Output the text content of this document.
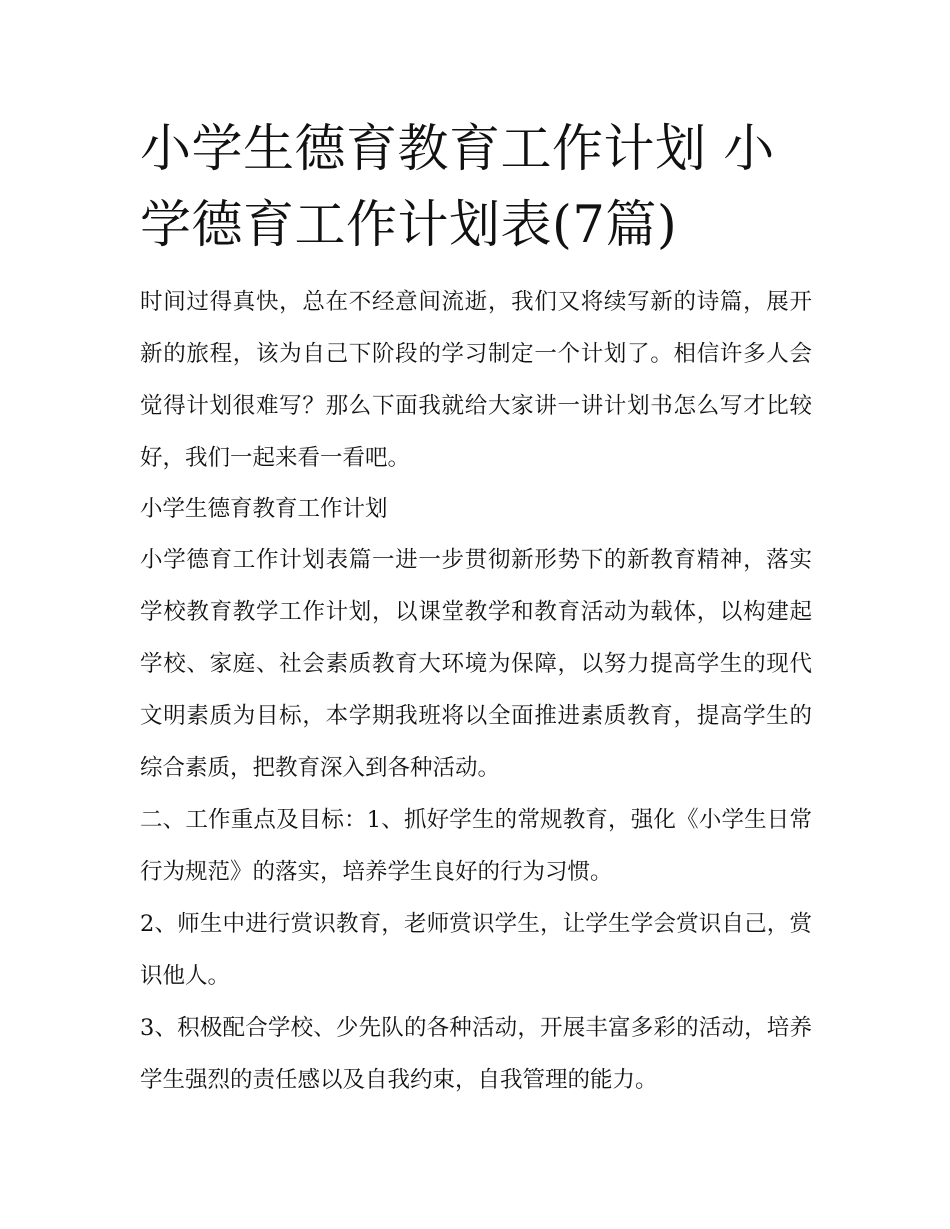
小学生德育教育工作计划 小学德育工作计划表(7篇)

时间过得真快，总在不经意间流逝，我们又将续写新的诗篇，展开新的旅程，该为自己下阶段的学习制定一个计划了。相信许多人会觉得计划很难写？那么下面我就给大家讲一讲计划书怎么写才比较好，我们一起来看一看吧。

小学生德育教育工作计划

小学德育工作计划表篇一进一步贯彻新形势下的新教育精神，落实学校教育教学工作计划，以课堂教学和教育活动为载体，以构建起学校、家庭、社会素质教育大环境为保障，以努力提高学生的现代文明素质为目标，本学期我班将以全面推进素质教育，提高学生的综合素质，把教育深入到各种活动。

二、工作重点及目标：1、抓好学生的常规教育，强化《小学生日常行为规范》的落实，培养学生良好的行为习惯。

2、师生中进行赏识教育，老师赏识学生，让学生学会赏识自己，赏识他人。

3、积极配合学校、少先队的各种活动，开展丰富多彩的活动，培养学生强烈的责任感以及自我约束，自我管理的能力。
